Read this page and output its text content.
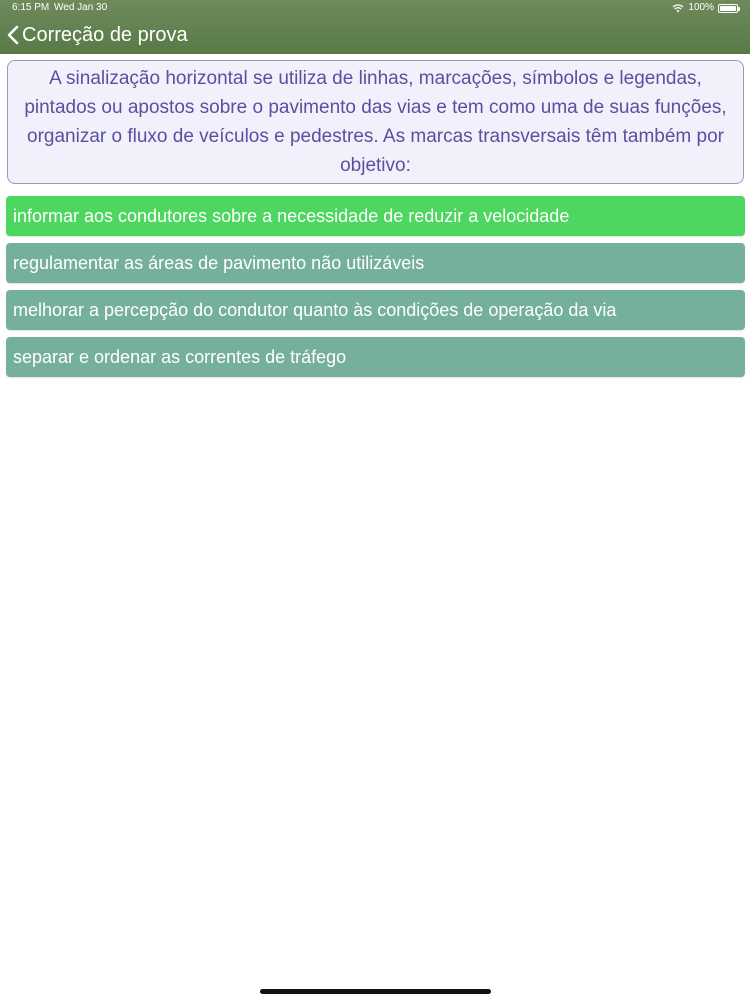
6:15 PM Wed Jan 30	100%
Correção de prova
A sinalização horizontal se utiliza de linhas, marcações, símbolos e legendas, pintados ou apostos sobre o pavimento das vias e tem como uma de suas funções, organizar o fluxo de veículos e pedestres. As marcas transversais têm também por objetivo:
informar aos condutores sobre a necessidade de reduzir a velocidade
regulamentar as áreas de pavimento não utilizáveis
melhorar a percepção do condutor quanto às condições de operação da via
separar e ordenar as correntes de tráfego
